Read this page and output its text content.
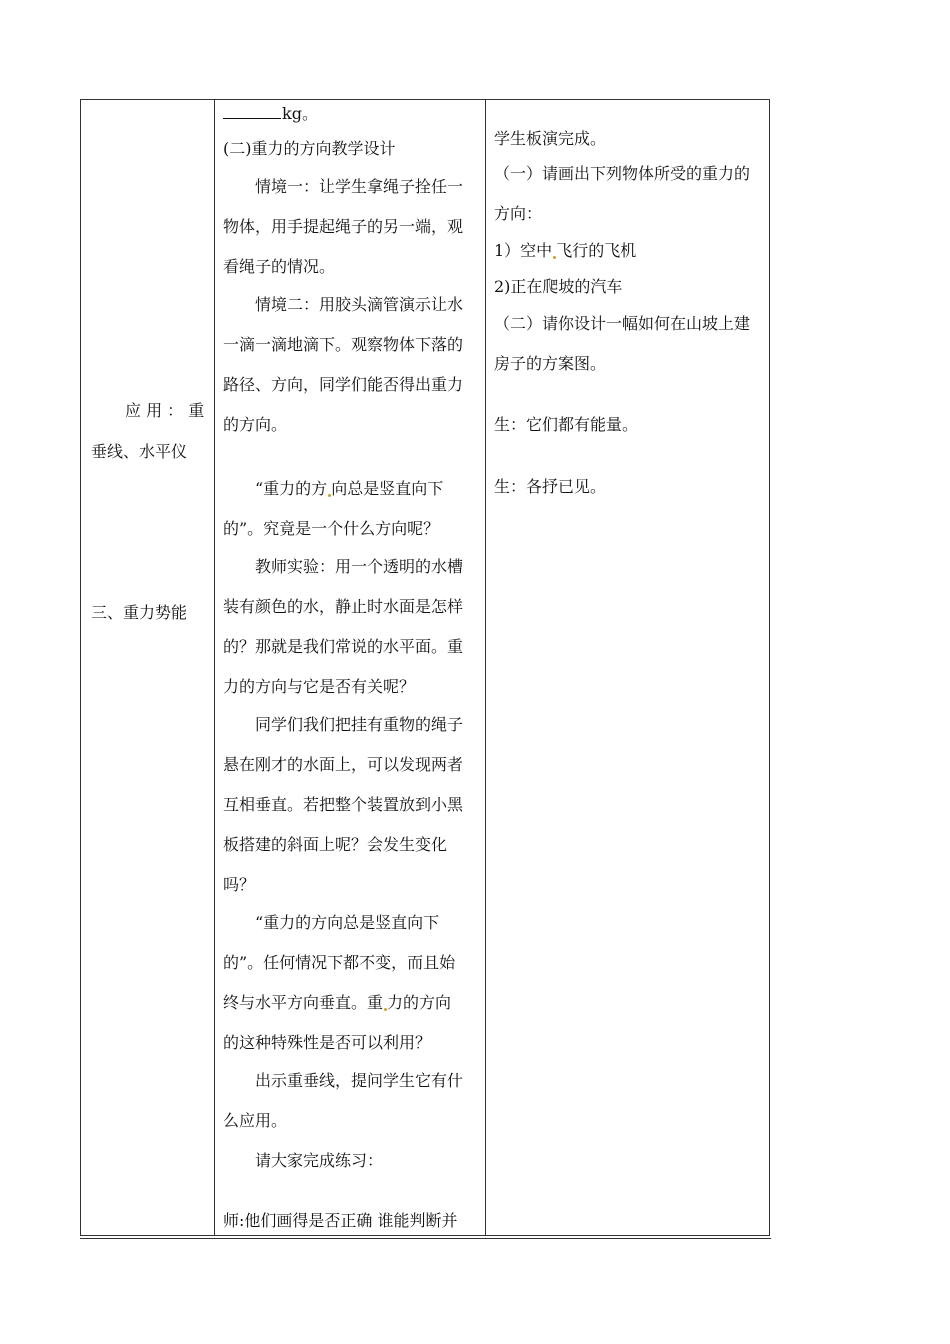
应 用 ： 重
垂线、水平仪
三、重力势能
kg。
(二)重力的方向教学设计
情境一：让学生拿绳子拴任一
物体，用手提起绳子的另一端，观
看绳子的情况。
情境二：用胶头滴管演示让水
一滴一滴地滴下。观察物体下落的
路径、方向，同学们能否得出重力
的方向。
“重力的方 向总是竖直向下
的”。究竟是一个什么方向呢？
教师实验：用一个透明的水槽
装有颜色的水，静止时水面是怎样
的？那就是我们常说的水平面。重
力的方向与它是否有关呢？
同学们我们把挂有重物的绳子
悬在刚才的水面上，可以发现两者
互相垂直。若把整个装置放到小黑
板搭建的斜面上呢？会发生变化
吗？
“重力的方向总是竖直向下
的”。任何情况下都不变，而且始
终与水平方向垂直。重 力的方向
的这种特殊性是否可以利用？
出示重垂线，提问学生它有什
么应用。
请大家完成练习：
师:他们画得是否正确 谁能判断并
学生板演完成。
（一）请画出下列物体所受的重力的
方向：
1）空中 飞行的飞机
2)正在爬坡的汽车
（二）请你设计一幅如何在山坡上建
房子的方案图。
生：它们都有能量。
生：各抒已见。
